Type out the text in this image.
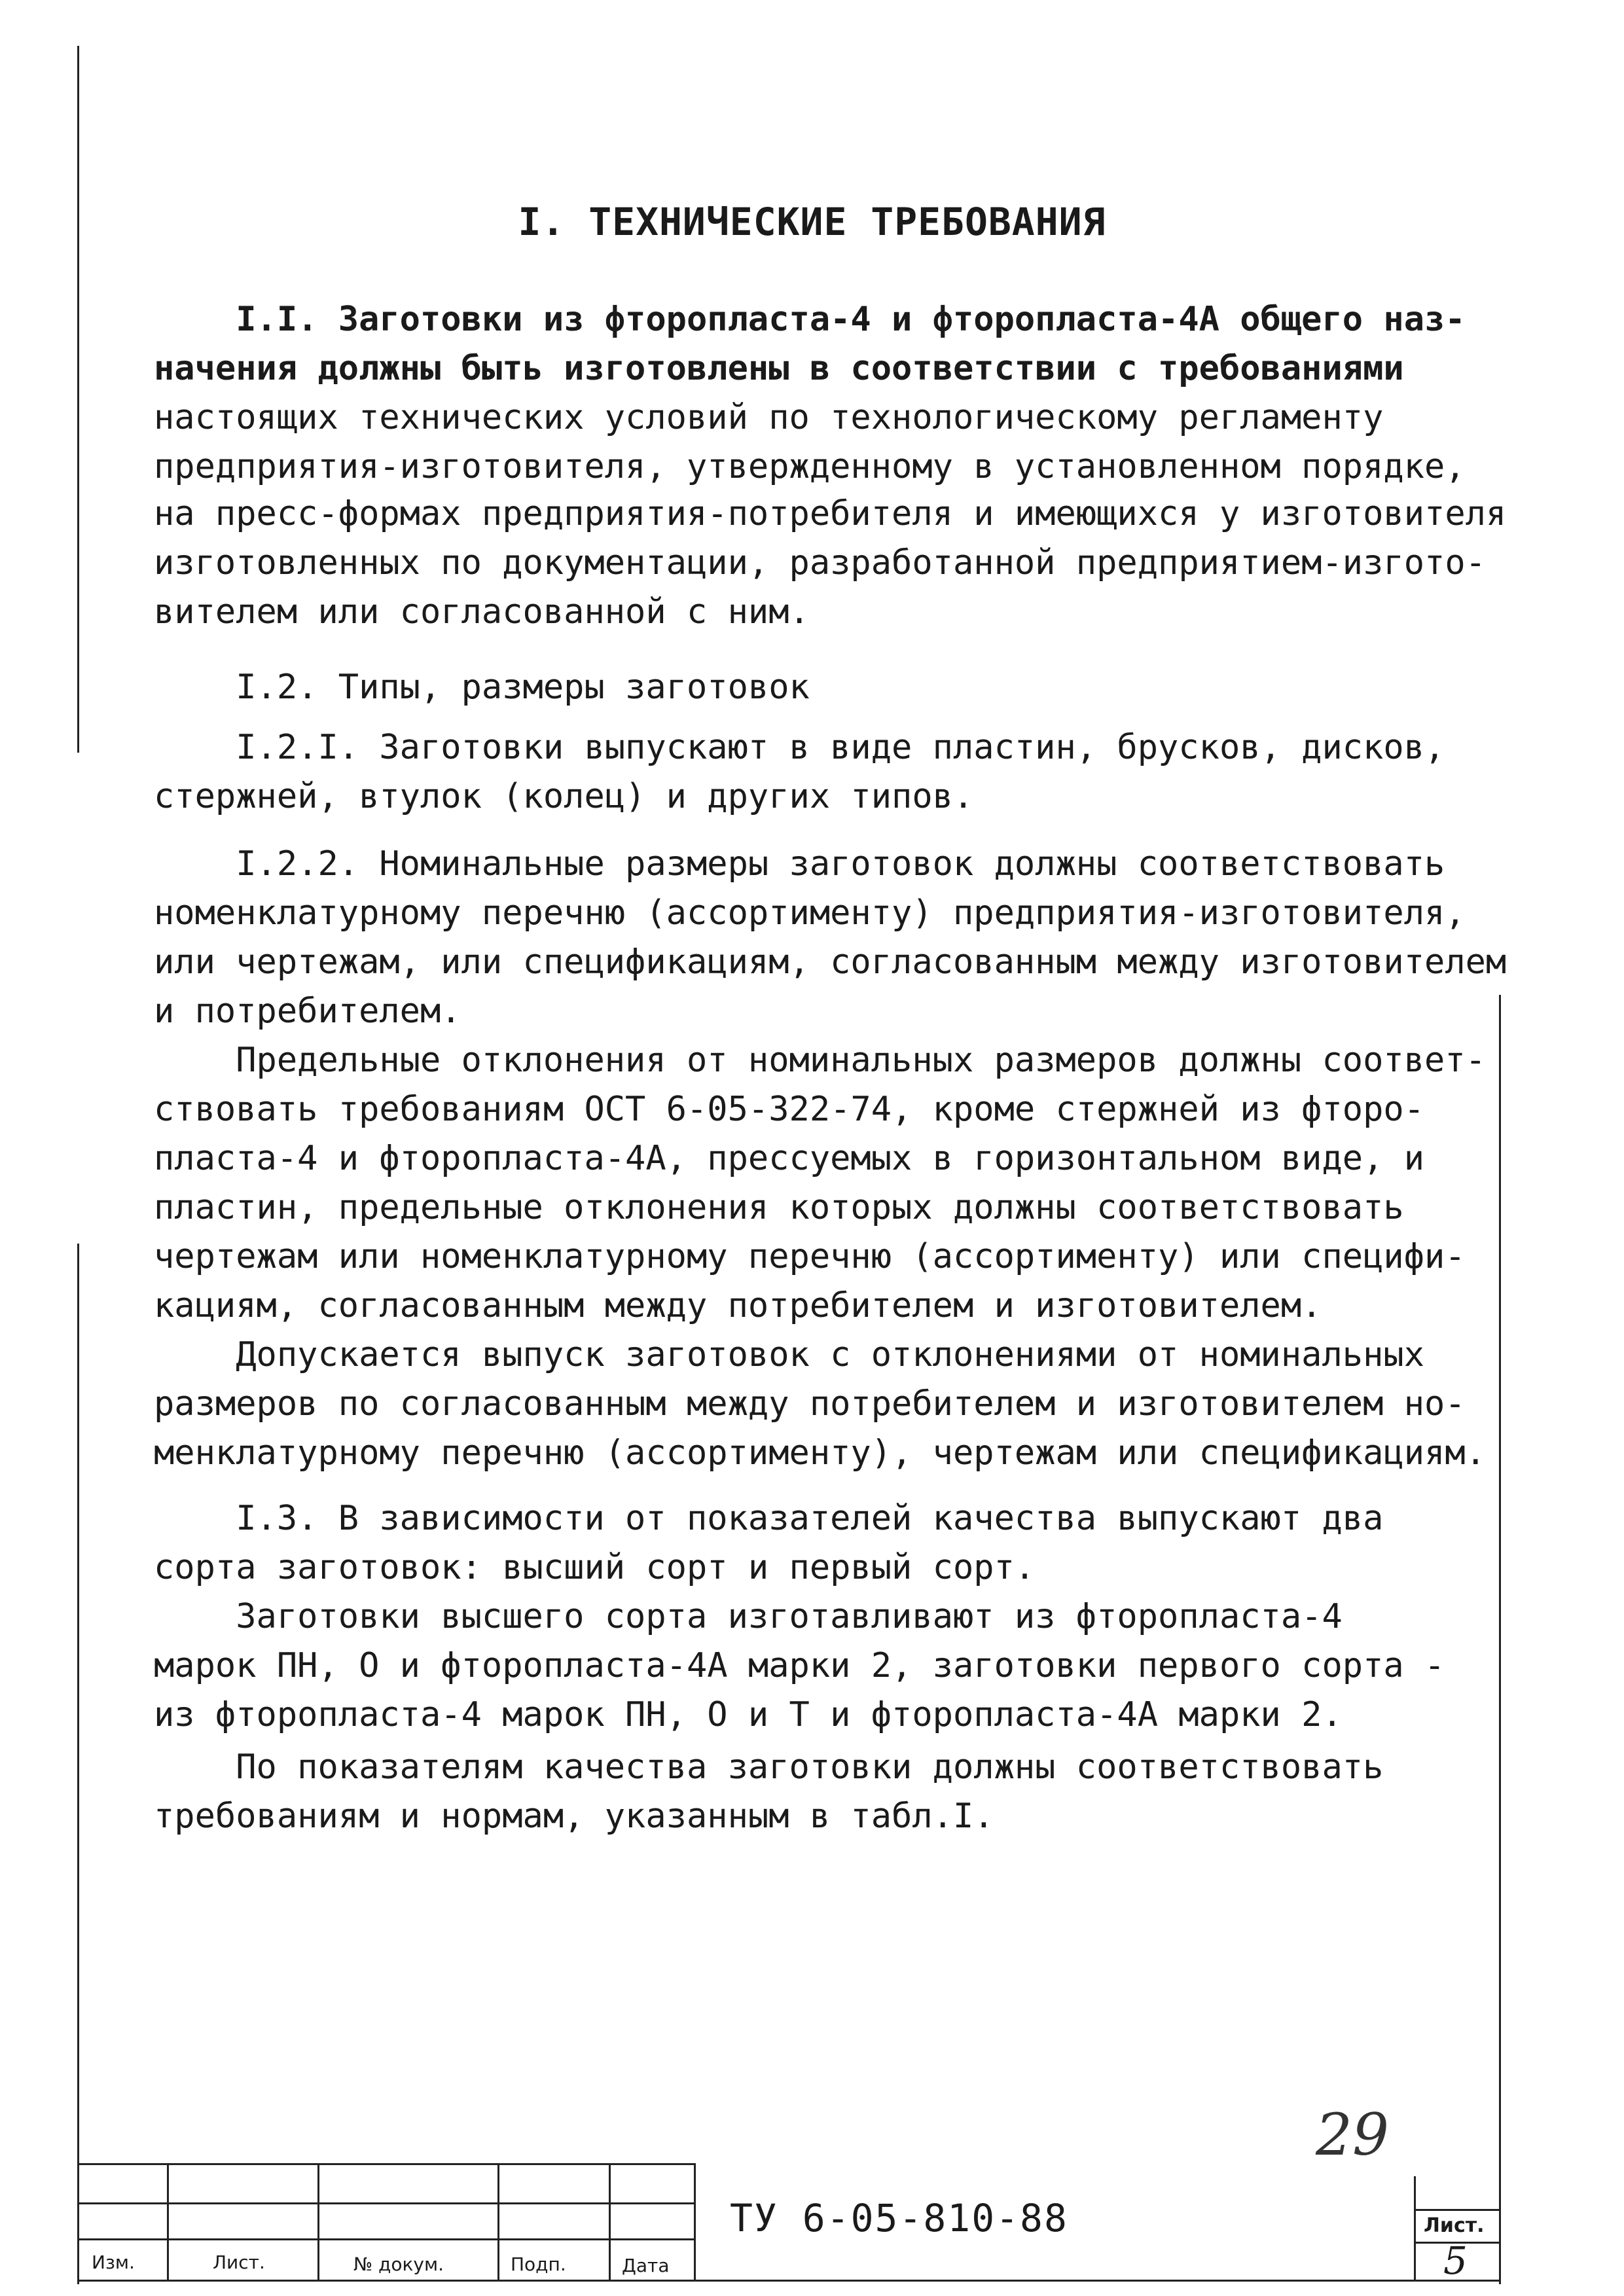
I. ТЕХНИЧЕСКИЕ ТРЕБОВАНИЯ
I.I. Заготовки из фторопласта-4 и фторопласта-4А общего наз-
начения должны быть изготовлены в соответствии с требованиями
настоящих технических условий по технологическому регламенту
предприятия-изготовителя, утвержденному в установленном порядке,
на пресс-формах предприятия-потребителя и имеющихся у изготовителя
изготовленных по документации, разработанной предприятием-изгото-
вителем или согласованной с ним.
I.2. Типы, размеры заготовок
I.2.I. Заготовки выпускают в виде пластин, брусков, дисков,
стержней, втулок (колец) и других типов.
I.2.2. Номинальные размеры заготовок должны соответствовать
номенклатурному перечню (ассортименту) предприятия-изготовителя,
или чертежам, или спецификациям, согласованным между изготовителем
и потребителем.
Предельные отклонения от номинальных размеров должны соответ-
ствовать требованиям ОСТ 6-05-322-74, кроме стержней из фторо-
пласта-4 и фторопласта-4А, прессуемых в горизонтальном виде, и
пластин, предельные отклонения которых должны соответствовать
чертежам или номенклатурному перечню (ассортименту) или специфи-
кациям, согласованным между потребителем и изготовителем.
Допускается выпуск заготовок с отклонениями от номинальных
размеров по согласованным между потребителем и изготовителем но-
менклатурному перечню (ассортименту), чертежам или спецификациям.
I.3. В зависимости от показателей качества выпускают два
сорта заготовок: высший сорт и первый сорт.
Заготовки высшего сорта изготавливают из фторопласта-4
марок ПН, О и фторопласта-4А марки 2, заготовки первого сорта -
из фторопласта-4 марок ПН, О и Т и фторопласта-4А марки 2.
По показателям качества заготовки должны соответствовать
требованиям и нормам, указанным в табл.I.
29
Изм.	Лист.	№ докум.	Подп.	Дата
ТУ 6-05-810-88	Лист.
5
